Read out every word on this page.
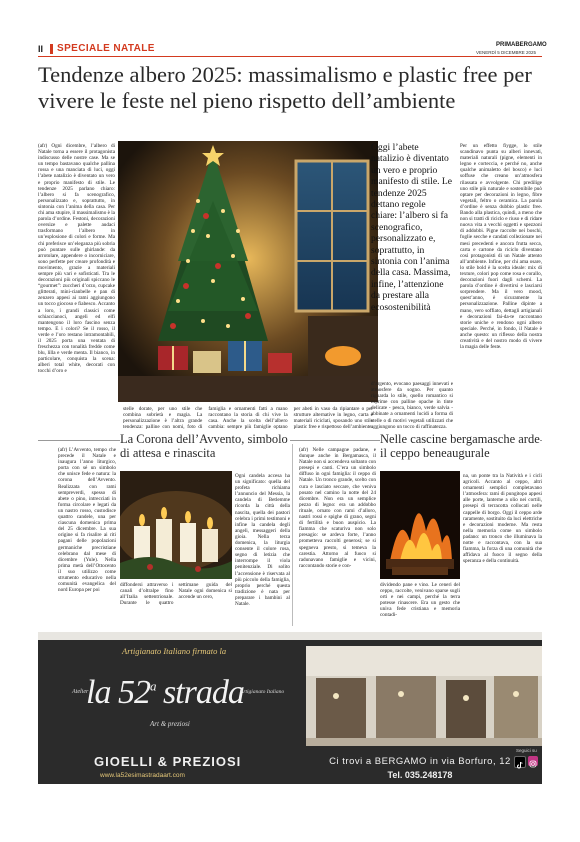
II SPECIALE NATALE	PRIMABERGAMO
VENERDÌ 5 DICEMBRE 2025
Tendenze albero 2025: massimalismo e plastic free per vivere le feste nel pieno rispetto dell’ambiente
Oggi l’abete natalizio è diventato un vero e proprio manifesto di stile. Le tendenze 2025 dettano regole chiare: l’albero si fa scenografico, personalizzato e, soprattutto, in sintonia con l’anima della casa. Massima, infine, l’attenzione da prestare alla ecosostenibilità
(afr) Ogni dicembre, l’albero di Natale torna a essere il protagonista indiscusso delle nostre case. Ma se un tempo bastavano qualche pallina rossa e una manciata di luci, oggi l’abete natalizio è diventato un vero e proprio manifesto di stile. Le tendenze 2025 parlano chiaro: l’albero si fa scenografico, personalizzato e, soprattutto, in sintonia con l’anima della casa. Per chi ama stupire, il massimalismo è la parola d’ordine. Festoni, decorazioni oversize e palette audaci trasformano l’albero in un’esplosione di colori e forme. Ma chi preferisce un’eleganza più sobria può puntare sulle ghirlande: da arrotolare, appendere o incorniciare, sono perfette per creare profondità e movimento, grazie a materiali sempre più vari e sofisticati. Tra le decorazioni più originali spiccano le “gourmet”: zuccheri d’orzo, cupcake glitterati, mini-cianbelle e pan di zenzero appesi ai rami aggiungono un tocco giocoso e fiabesco. Accanto a loro, i grandi classici come schiaccianoci, angeli ed elfi mantengono il loro fascino senza tempo. E i colori? Se il rosso, il verde e l’oro restano intramontabili, il 2025 porta una ventata di freschezza con tonalità fredde come blu, lilla e verde menta. Il bianco, in particolare, conquista la scena: alberi total white, decorati con tocchi d’oro e
stelle dorate, per uno stile che combina sobrietà e magia. La personalizzazione è l’altra grande tendenza: palline con nomi, foto di famiglia e ornamenti fatti a mano raccontano la storia di chi vive la casa. Anche la scelta dell’albero cambia: sempre più famiglie optano per abeti in vaso da ripiantare o per strutture alternative in legno, carta e materiali riciclati, sposando uno stile plastic free e rispettoso dell’ambiente.
d’argento, evocano paesaggi innevati e atmosfere da sogno. Per quanto riguarda lo stile, quello romantico si esprime con palline opache in tinte delicate - pesca, bianco, verde salvia - abbinate a ornamenti lucidi a forma di stelle o di motivi vegetali utilizzati che aggiungono un tocco di raffinatezza.
Per un effetto fiygge, lo stile scandinavo punta su alberi innevati, materiali naturali (pigne, elementi in legno e corteccia, e perché no, anche qualche animaletto del bosco) e luci soffuse che creano un’atmosfera rilassata e avvolgente. Chi predilige uno stile più naturale e sostenibile può optare per decorazioni in legno, fibre vegetali, feltro o ceramica. La parola d’ordine è senza dubbio plastic free. Bando alla plastica, quindi, a meno che non si tratti di riciclo e riuso e di ridare nuova vita a vecchi oggetti e spezzoni di addobbi. Pigne raccolte nei boschi, foglie secche e candati collezionate nei mesi precedenti e ancora frutta secca, carta e cartone da riciclo diventano così protagonisti di un Natale attento all’ambiente. Infine, per chi ama osare, lo stile bold è la scelta ideale: mix di texture, colori pop come rosa e corallo, decorazioni fuori dagli schemi. La parola d’ordine è divertirsi e lasciarsi sorprendere. Ma il vero mood, quest’anno, è sicuramente la personalizzazione. Palline dipinte a mano, vero soffiato, dettagli artigianali e decorazioni fai-da-te raccontano storie uniche e rendono ogni albero speciale. Perché, in fondo, il Natale è anche questo: un riflesso della nostra creatività e del nostro modo di vivere la magia delle feste.
La Corona dell’Avvento, simbolo di attesa e rinascita
(afr) L’Avvento, tempo che precede il Natale e inaugura l’anno liturgico, porta con sé un simbolo che unisce fede e natura: la corona dell’Avvento. Realizzata con rami sempreverdi, spesso di abete o pino, intrecciati in forma circolare e legati da un nastro rosso, custodisce quattro candele, una per ciascuna domenica prima del 25 dicembre. La sua origine si fa risalire ai riti pagani delle popolazioni germaniche precristiane celebrano dal mese di dicembre (Yule). Nella prima metà dell’Ottocento il suo utilizzo come strumento educativo nella comunità evangelica del nord Europa per poi
Ogni candela accesa ha un significato: quella del profeta richiama l’annuncio del Messia, la candela di Betlemme ricorda la città della nascita, quella dei pastori celebra i primi testimoni e infine la candela degli angeli, messaggeri della gioia. Nella terza domenica, la liturgia consente il colore rosa, segno di letizia che interrompe il viola penitenziale. Di solito l’accensione è riservata al più piccolo della famiglia, proprio perché questa tradizione è nata per preparare i bambini al Natale.
diffondersi attraverso i canali d’oltralpe fino all’Italia settentrionale. Durante le quattro settimane guida del Natale ogni domenica si accende un cero,
Nelle cascine bergamasche arde il ceppo beneaugurale
(afr) Nelle campagne padane, e dunque anche in Bergamasca, il Natale non si accendeva soltanto con presepi e canti. C’era un simbolo diffuso in ogni famiglia: il ceppo di Natale. Un tronco grande, scelto con cura e lasciato seccare, che veniva posato nel camino la notte del 24 dicembre. Non era un semplice pezzo di legno: era un addobbo rituale, ornato con rami d’alloro, nastri rossi e spighe di grano, segni di fertilità e buon auspicio. La fiamma che scaturiva non solo presagio: se ardeva forte, l’anno prometteva raccolti generosi; se si spegneva presto, si temeva la carestia. Attorno al fuoco si radunavano famiglie e vicini, raccontando storie e con-
dividendo pane e vino. Le ceneri del ceppo, raccolte, venivano sparse sugli orti e nei campi, perché la terra potesse rinascere. Era un gesto che univa fede cristiana e memoria contadi-
na, un ponte tra la Natività e i cicli agricoli. Accanto al ceppo, altri ornamenti semplici completavano l’atmosfera: rami di pungitopo appesi alle porte, lanterne a olio nei cortili, presepi di terracotta collocati nelle cappelle di borgo. Oggi il ceppo arde raramente, sostituito da luci elettriche e decorazioni moderne. Ma resta nella memoria come un simbolo padano: un tronco che illuminava la notte e raccontava, con la sua fiamma, la forza di una comunità che affidava al fuoco il segno della speranza e della continuità.
Artigianato Italiano firmato la
Atelier
la 52$^a$ strada
Artigianato Italiano
Art & preziosi
GIOELLI & PREZIOSI
www.la52esimastradaart.com
Ci trovi a BERGAMO in via Borfuro, 12
Tel. 035.248178
Seguici su
